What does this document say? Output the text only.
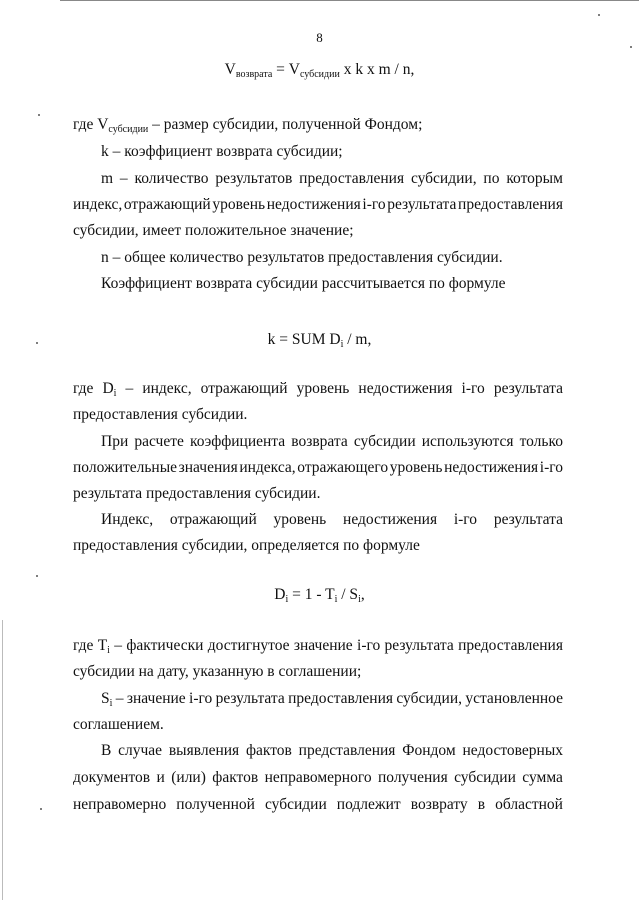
8
$V_{возврата} = V_{субсидии}$ x k x m / n,
где $V_{субсидии}$ – размер субсидии, полученной Фондом;
k – коэффициент возврата субсидии;
m – количество результатов предоставления субсидии, по которым
индекс, отражающий уровень недостижения i-го результата предоставления
субсидии, имеет положительное значение;
n – общее количество результатов предоставления субсидии.
Коэффициент возврата субсидии рассчитывается по формуле
k = SUM $D_i$ / m,
где $D_i$ – индекс, отражающий уровень недостижения i-го результата
предоставления субсидии.
При расчете коэффициента возврата субсидии используются только
положительные значения индекса, отражающего уровень недостижения i-го
результата предоставления субсидии.
Индекс, отражающий уровень недостижения i-го результата
предоставления субсидии, определяется по формуле
$D_i = 1 - T_i / S_i$,
где $T_i$ – фактически достигнутое значение i-го результата предоставления
субсидии на дату, указанную в соглашении;
$S_i$ – значение i-го результата предоставления субсидии, установленное
соглашением.
В случае выявления фактов представления Фондом недостоверных
документов и (или) фактов неправомерного получения субсидии сумма
неправомерно полученной субсидии подлежит возврату в областной
